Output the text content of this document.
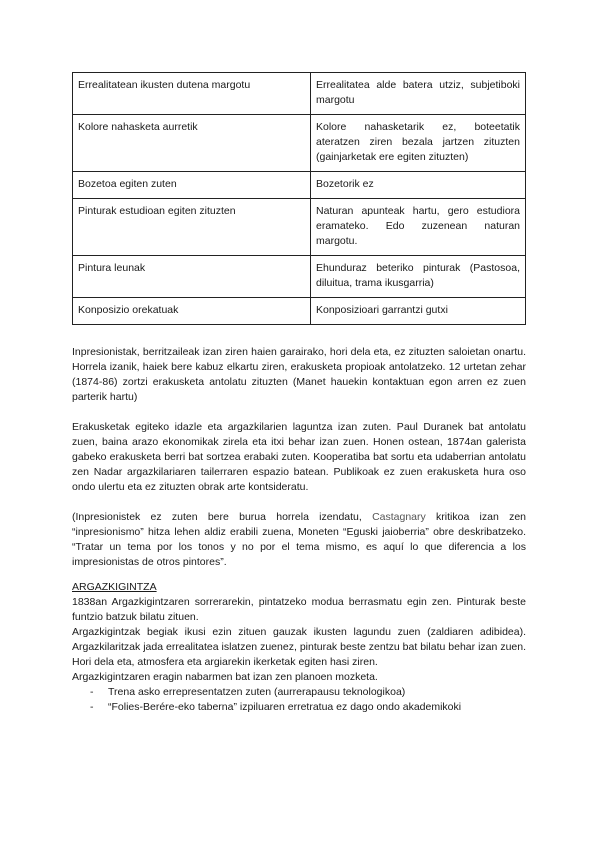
Errealitatean ikusten dutena margotu	Errealitatea alde batera utziz, subjetiboki margotu
Kolore nahasketa aurretik	Kolore nahasketarik ez, boteetatik ateratzen ziren bezala jartzen zituzten (gainjarketak ere egiten zituzten)
Bozetoa egiten zuten	Bozetorik ez
Pinturak estudioan egiten zituzten	Naturan apunteak hartu, gero estudiora eramateko. Edo zuzenean naturan margotu.
Pintura leunak	Ehunduraz beteriko pinturak (Pastosoa, diluitua, trama ikusgarria)
Konposizio orekatuak	Konposizioari garrantzi gutxi

Inpresionistak, berritzaileak izan ziren haien garairako, hori dela eta, ez zituzten saloietan onartu. Horrela izanik, haiek bere kabuz elkartu ziren, erakusketa propioak antolatzeko. 12 urtetan zehar (1874-86) zortzi erakusketa antolatu zituzten (Manet hauekin kontaktuan egon arren ez zuen parterik hartu)

Erakusketak egiteko idazle eta argazkilarien laguntza izan zuten. Paul Duranek bat antolatu zuen, baina arazo ekonomikak zirela eta itxi behar izan zuen. Honen ostean, 1874an galerista gabeko erakusketa berri bat sortzea erabaki zuten. Kooperatiba bat sortu eta udaberrian antolatu zen Nadar argazkilariaren tailerraren espazio batean. Publikoak ez zuen erakusketa hura oso ondo ulertu eta ez zituzten obrak arte kontsideratu.

(Inpresionistek ez zuten bere burua horrela izendatu, Castagnary kritikoa izan zen “inpresionismo” hitza lehen aldiz erabili zuena, Moneten “Eguski jaioberria” obre deskribatzeko. “Tratar un tema por los tonos y no por el tema mismo, es aquí lo que diferencia a los impresionistas de otros pintores”.

ARGAZKIGINTZA
1838an Argazkigintzaren sorrerarekin, pintatzeko modua berrasmatu egin zen. Pinturak beste funtzio batzuk bilatu zituen.
Argazkigintzak begiak ikusi ezin zituen gauzak ikusten lagundu zuen (zaldiaren adibidea). Argazkilaritzak jada errealitatea islatzen zuenez, pinturak beste zentzu bat bilatu behar izan zuen. Hori dela eta, atmosfera eta argiarekin ikerketak egiten hasi ziren.
Argazkigintzaren eragin nabarmen bat izan zen planoen mozketa.
- Trena asko errepresentatzen zuten (aurrerapausu teknologikoa)
- “Folies-Berére-eko taberna” izpiluaren erretratua ez dago ondo akademikoki
